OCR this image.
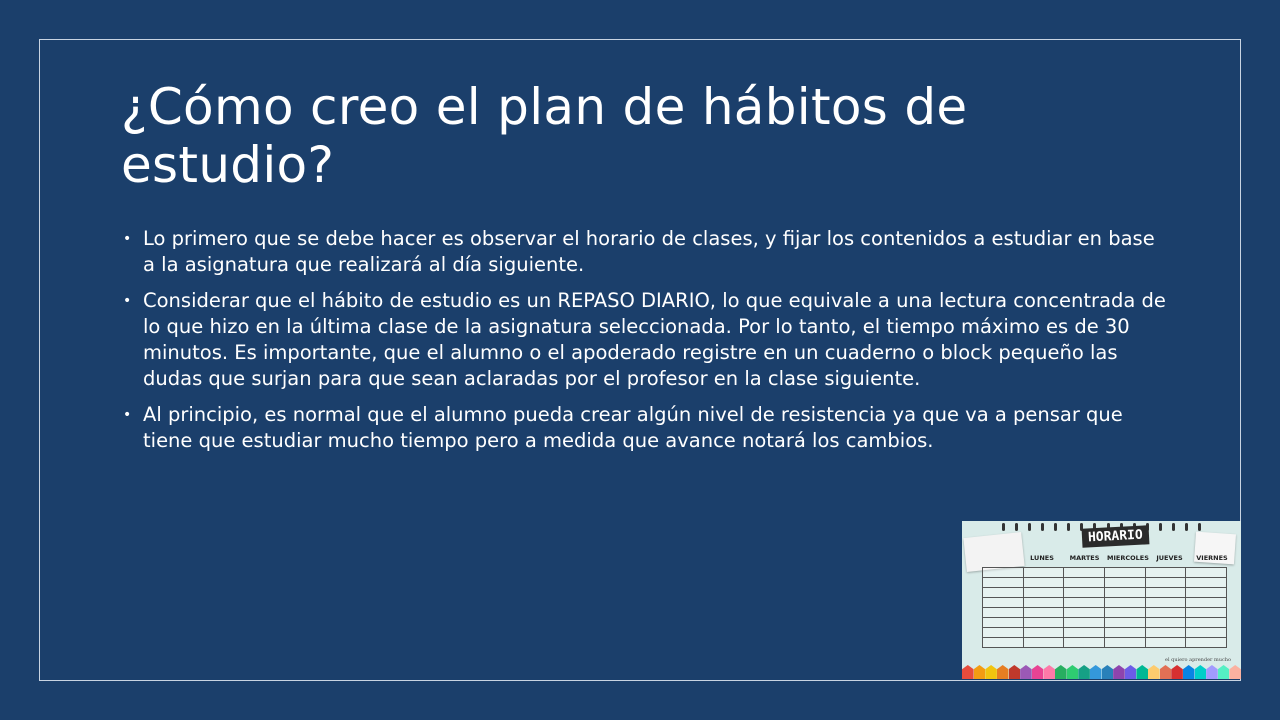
¿Cómo creo el plan de hábitos de estudio?
• Lo primero que se debe hacer es observar el horario de clases, y fijar los contenidos a estudiar en base a la asignatura que realizará al día siguiente.
• Considerar que el hábito de estudio es un REPASO DIARIO, lo que equivale a una lectura concentrada de lo que hizo en la última clase de la asignatura seleccionada. Por lo tanto, el tiempo máximo es de 30 minutos. Es importante, que el alumno o el apoderado registre en un cuaderno o block pequeño las dudas que surjan para que sean aclaradas por el profesor en la clase siguiente.
• Al principio, es normal que el alumno pueda crear algún nivel de resistencia ya que va a pensar que tiene que estudiar mucho tiempo pero a medida que avance notará los cambios.
HORARIO
LUNES	MARTES	MIERCOLES	JUEVES	VIERNES

el quiero aprender mucho
